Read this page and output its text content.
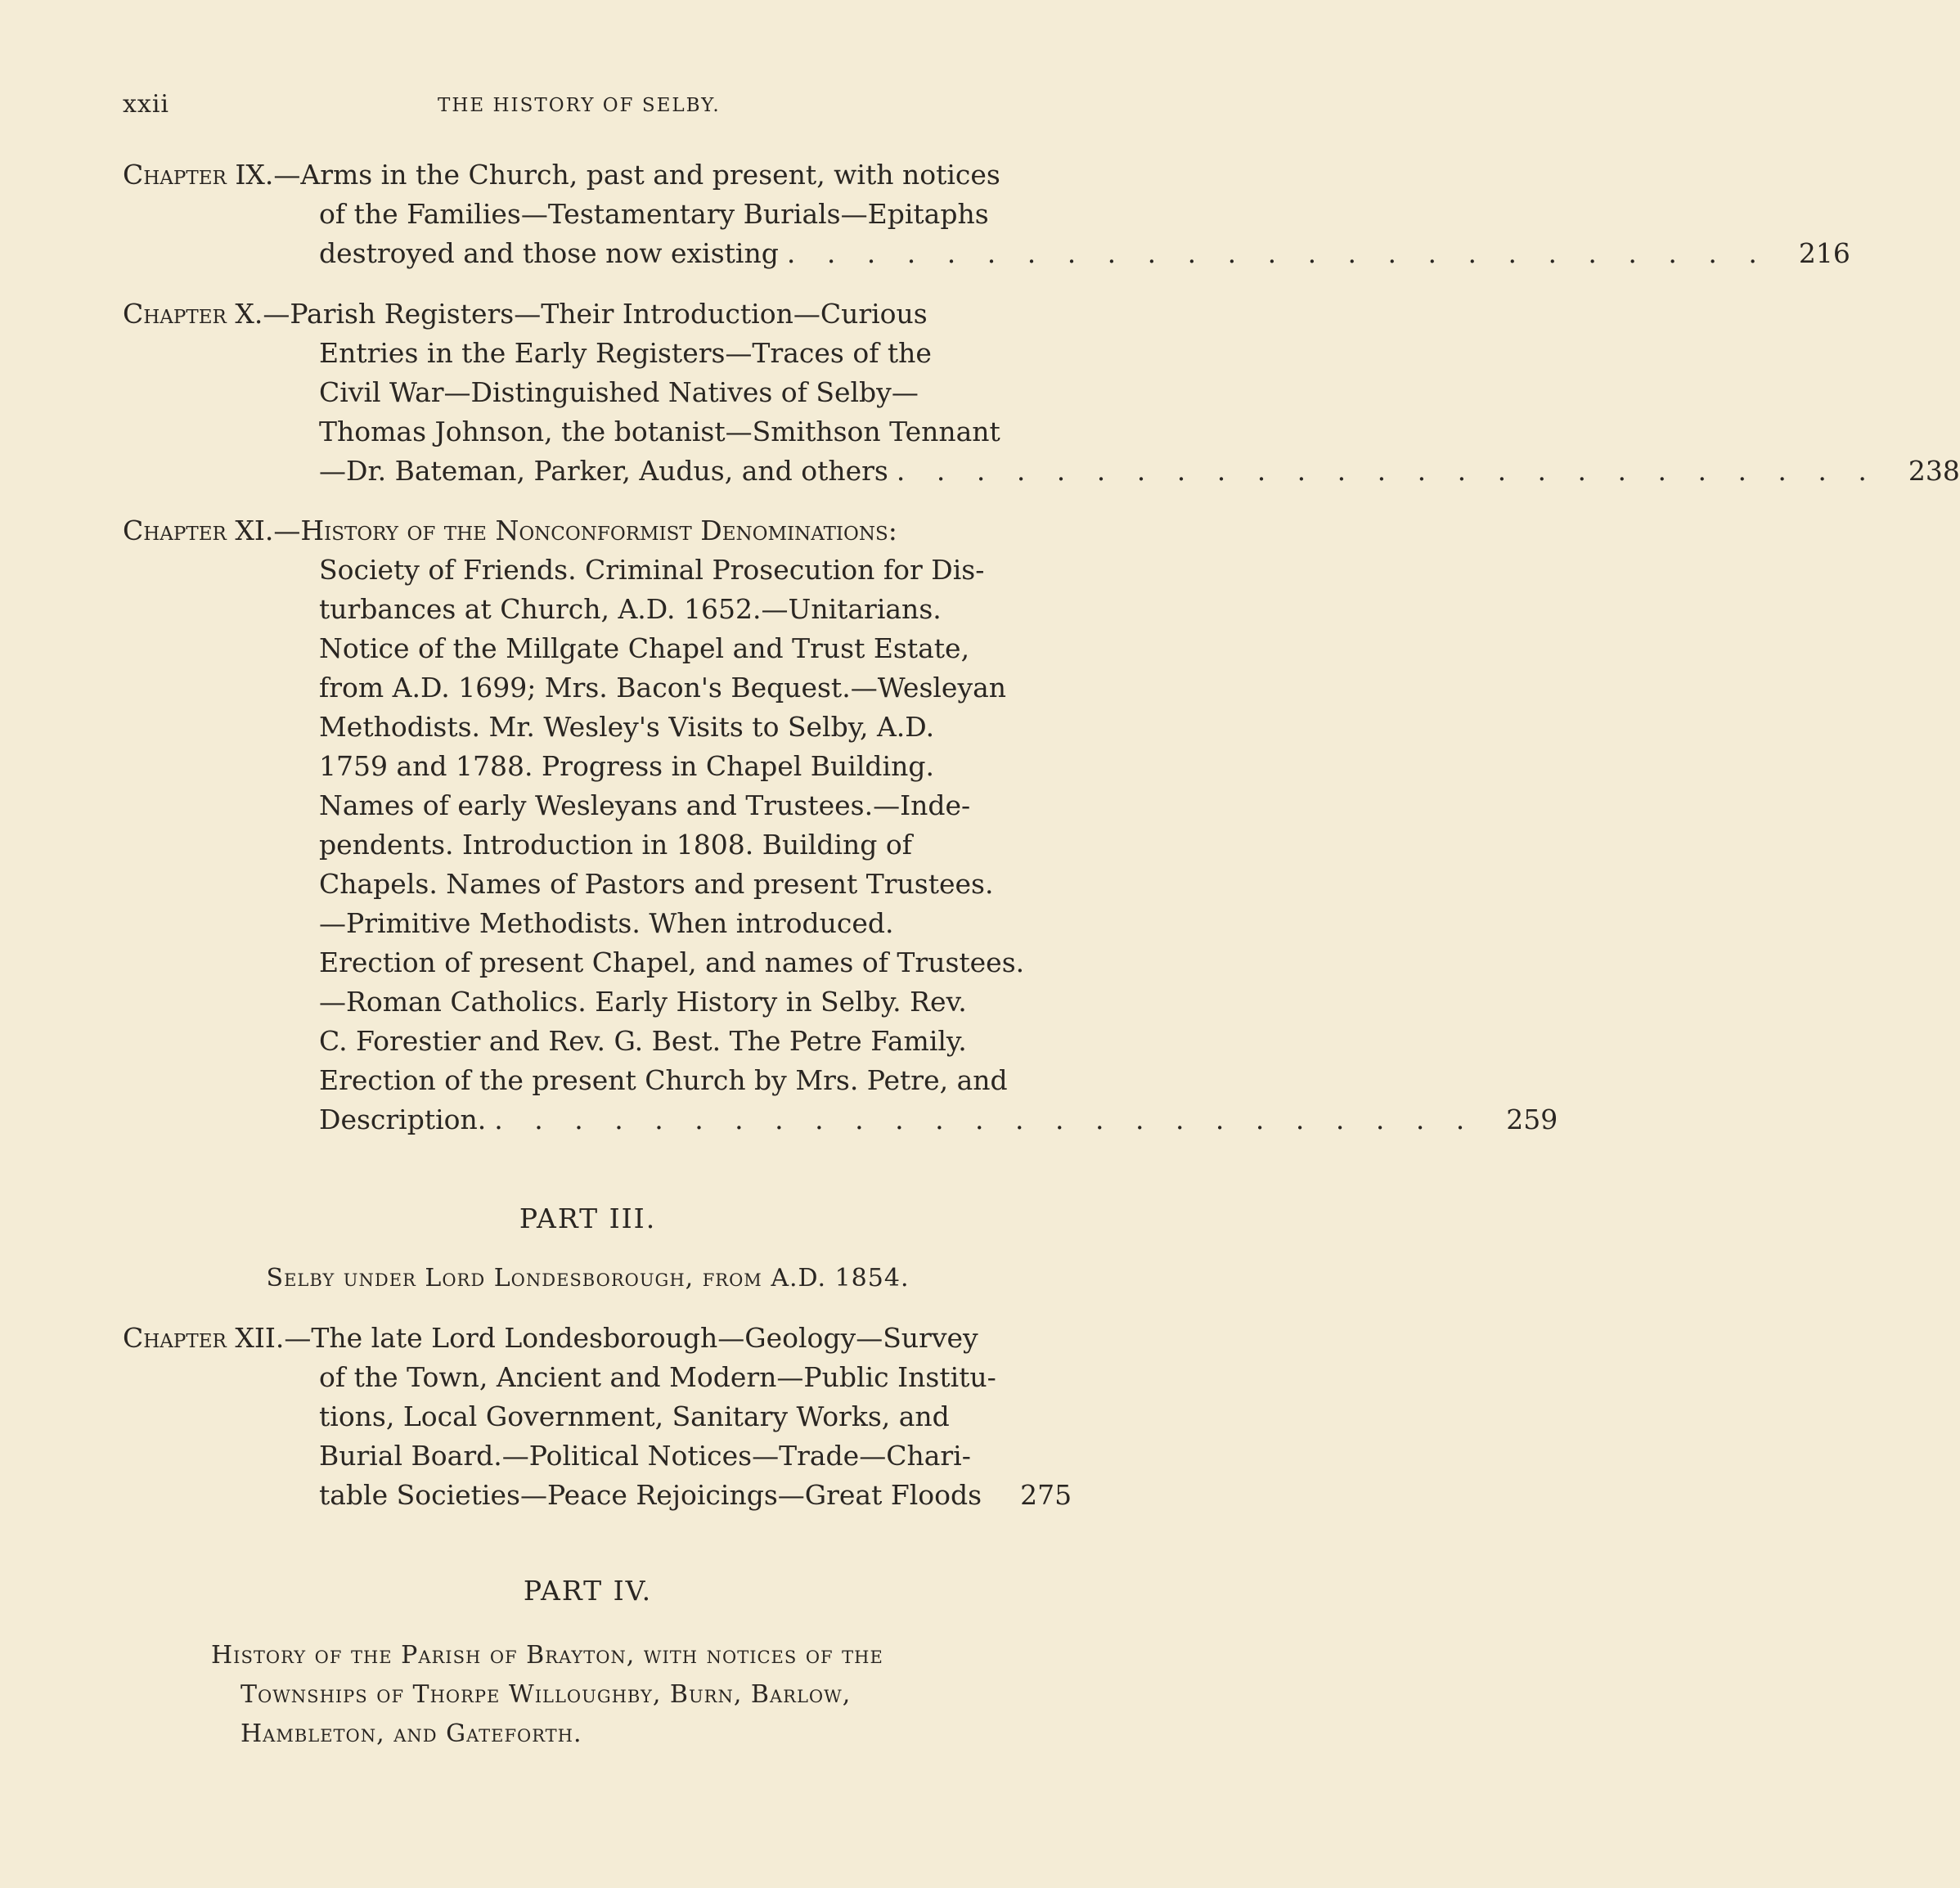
xxii	THE HISTORY OF SELBY.
Chapter IX.—Arms in the Church, past and present, with notices
of the Families—Testamentary Burials—Epitaphs
destroyed and those now existing . . . . . . . . . . . . . . . . . . . . . . . . .	216
Chapter X.—Parish Registers—Their Introduction—Curious
Entries in the Early Registers—Traces of the
Civil War—Distinguished Natives of Selby—
Thomas Johnson, the botanist—Smithson Tennant
—Dr. Bateman, Parker, Audus, and others . . . . . . . . . . . . . . . . . . . . . . . . .	238
Chapter XI.—History of the Nonconformist Denominations:
Society of Friends. Criminal Prosecution for Dis-
turbances at Church, A.D. 1652.—Unitarians.
Notice of the Millgate Chapel and Trust Estate,
from A.D. 1699; Mrs. Bacon's Bequest.—Wesleyan
Methodists. Mr. Wesley's Visits to Selby, A.D.
1759 and 1788. Progress in Chapel Building.
Names of early Wesleyans and Trustees.—Inde-
pendents. Introduction in 1808. Building of
Chapels. Names of Pastors and present Trustees.
—Primitive Methodists. When introduced.
Erection of present Chapel, and names of Trustees.
—Roman Catholics. Early History in Selby. Rev.
C. Forestier and Rev. G. Best. The Petre Family.
Erection of the present Church by Mrs. Petre, and
Description. . . . . . . . . . . . . . . . . . . . . . . . . .	259
PART III.
Selby under Lord Londesborough, from A.D. 1854.
Chapter XII.—The late Lord Londesborough—Geology—Survey
of the Town, Ancient and Modern—Public Institu-
tions, Local Government, Sanitary Works, and
Burial Board.—Political Notices—Trade—Chari-
table Societies—Peace Rejoicings—Great Floods	275
PART IV.
History of the Parish of Brayton, with notices of the
Townships of Thorpe Willoughby, Burn, Barlow,
Hambleton, and Gateforth.
